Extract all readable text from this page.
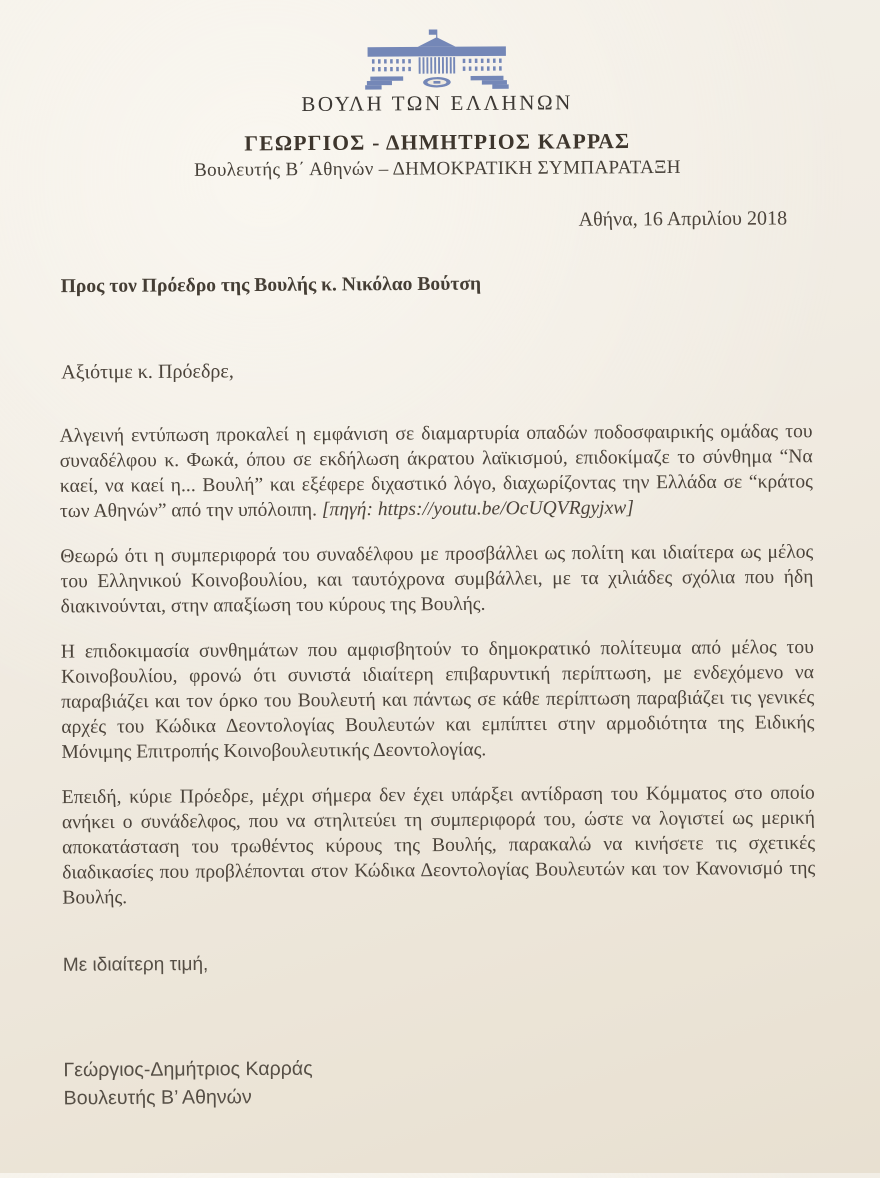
ΒΟΥΛΗ ΤΩΝ ΕΛΛΗΝΩΝ
ΓΕΩΡΓΙΟΣ - ΔΗΜΗΤΡΙΟΣ ΚΑΡΡΑΣ
Βουλευτής Β΄ Αθηνών – ΔΗΜΟΚΡΑΤΙΚΗ ΣΥΜΠΑΡΑΤΑΞΗ
Αθήνα, 16 Απριλίου 2018
Προς τον Πρόεδρο της Βουλής κ. Νικόλαο Βούτση
Αξιότιμε κ. Πρόεδρε,

Αλγεινή εντύπωση προκαλεί η εμφάνιση σε διαμαρτυρία οπαδών ποδοσφαιρικής ομάδας του συναδέλφου κ. Φωκά, όπου σε εκδήλωση άκρατου λαϊκισμού, επιδοκίμαζε το σύνθημα “Να καεί, να καεί η... Βουλή” και εξέφερε διχαστικό λόγο, διαχωρίζοντας την Ελλάδα σε “κράτος των Αθηνών” από την υπόλοιπη. [πηγή: https://youtu.be/OcUQVRgyjxw]

Θεωρώ ότι η συμπεριφορά του συναδέλφου με προσβάλλει ως πολίτη και ιδιαίτερα ως μέλος του Ελληνικού Κοινοβουλίου, και ταυτόχρονα συμβάλλει, με τα χιλιάδες σχόλια που ήδη διακινούνται, στην απαξίωση του κύρους της Βουλής.

Η επιδοκιμασία συνθημάτων που αμφισβητούν το δημοκρατικό πολίτευμα από μέλος του Κοινοβουλίου, φρονώ ότι συνιστά ιδιαίτερη επιβαρυντική περίπτωση, με ενδεχόμενο να παραβιάζει και τον όρκο του Βουλευτή και πάντως σε κάθε περίπτωση παραβιάζει τις γενικές αρχές του Κώδικα Δεοντολογίας Βουλευτών και εμπίπτει στην αρμοδιότητα της Ειδικής Μόνιμης Επιτροπής Κοινοβουλευτικής Δεοντολογίας.

Επειδή, κύριε Πρόεδρε, μέχρι σήμερα δεν έχει υπάρξει αντίδραση του Κόμματος στο οποίο ανήκει ο συνάδελφος, που να στηλιτεύει τη συμπεριφορά του, ώστε να λογιστεί ως μερική αποκατάσταση του τρωθέντος κύρους της Βουλής, παρακαλώ να κινήσετε τις σχετικές διαδικασίες που προβλέπονται στον Κώδικα Δεοντολογίας Βουλευτών και τον Κανονισμό της Βουλής.

Με ιδιαίτερη τιμή,
Γεώργιος-Δημήτριος Καρράς
Βουλευτής Β’ Αθηνών
